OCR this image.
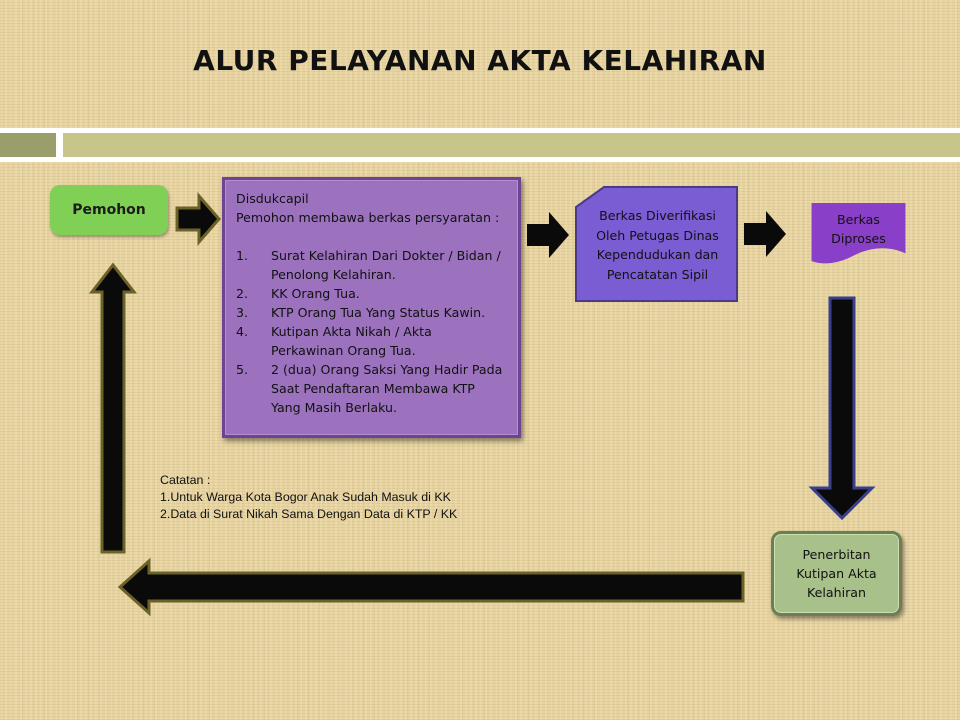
ALUR PELAYANAN AKTA KELAHIRAN
Pemohon
Disdukcapil
Pemohon membawa berkas persyaratan :
1.	Surat Kelahiran Dari Dokter / Bidan / Penolong Kelahiran.
2.	KK Orang Tua.
3.	KTP Orang Tua Yang Status Kawin.
4.	Kutipan Akta Nikah / Akta Perkawinan Orang Tua.
5.	2 (dua) Orang Saksi Yang Hadir Pada Saat Pendaftaran Membawa KTP Yang Masih Berlaku.
Berkas Diverifikasi Oleh Petugas Dinas Kependudukan dan Pencatatan Sipil
Berkas Diproses
Penerbitan Kutipan Akta Kelahiran
Catatan :
1.Untuk Warga Kota Bogor Anak Sudah Masuk di KK
2.Data di Surat Nikah Sama Dengan Data di KTP / KK
